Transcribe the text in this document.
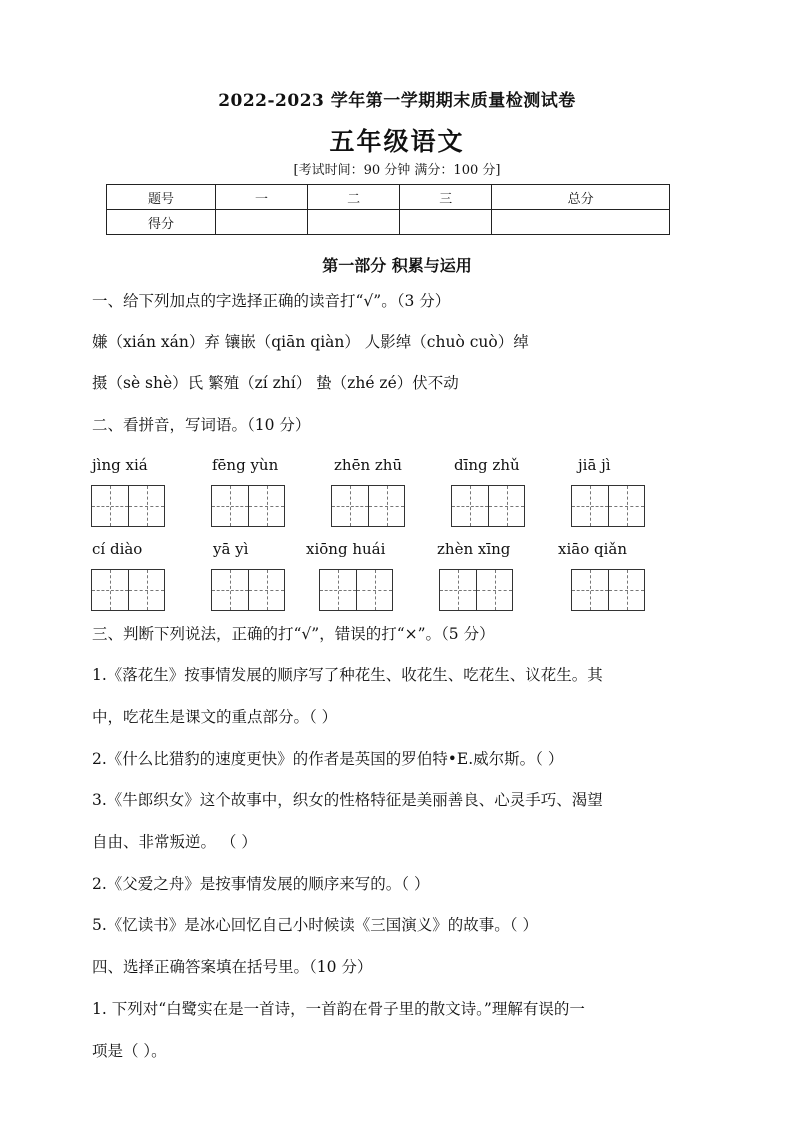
2022-2023 学年第一学期期末质量检测试卷
五年级语文
[考试时间：90 分钟 满分：100 分]
题号	一	二	三	总分
得分				
第一部分 积累与运用
一、给下列加点的字选择正确的读音打“√”。（3 分）
嫌（xián xán）弃 镶嵌（qiān qiàn） 人影绰（chuò cuò）绰
摄（sè shè）氏 繁殖（zí zhí） 蛰（zhé zé）伏不动
二、看拼音，写词语。（10 分）
jìng xiá	fēng yùn	zhēn zhū	dīng zhǔ	jiā jì
cí diào	yā yì	xiōng huái	zhèn xīng	xiāo qiǎn
三、判断下列说法，正确的打“√”，错误的打“×”。（5 分）
1.《落花生》按事情发展的顺序写了种花生、收花生、吃花生、议花生。其
中，吃花生是课文的重点部分。（ ）
2.《什么比猎豹的速度更快》的作者是英国的罗伯特•E.威尔斯。（ ）
3.《牛郎织女》这个故事中，织女的性格特征是美丽善良、心灵手巧、渴望
自由、非常叛逆。 （ ）
2.《父爱之舟》是按事情发展的顺序来写的。（ ）
5.《忆读书》是冰心回忆自己小时候读《三国演义》的故事。（ ）
四、选择正确答案填在括号里。（10 分）
1. 下列对“白鹭实在是一首诗，一首韵在骨子里的散文诗。”理解有误的一
项是（ ）。
